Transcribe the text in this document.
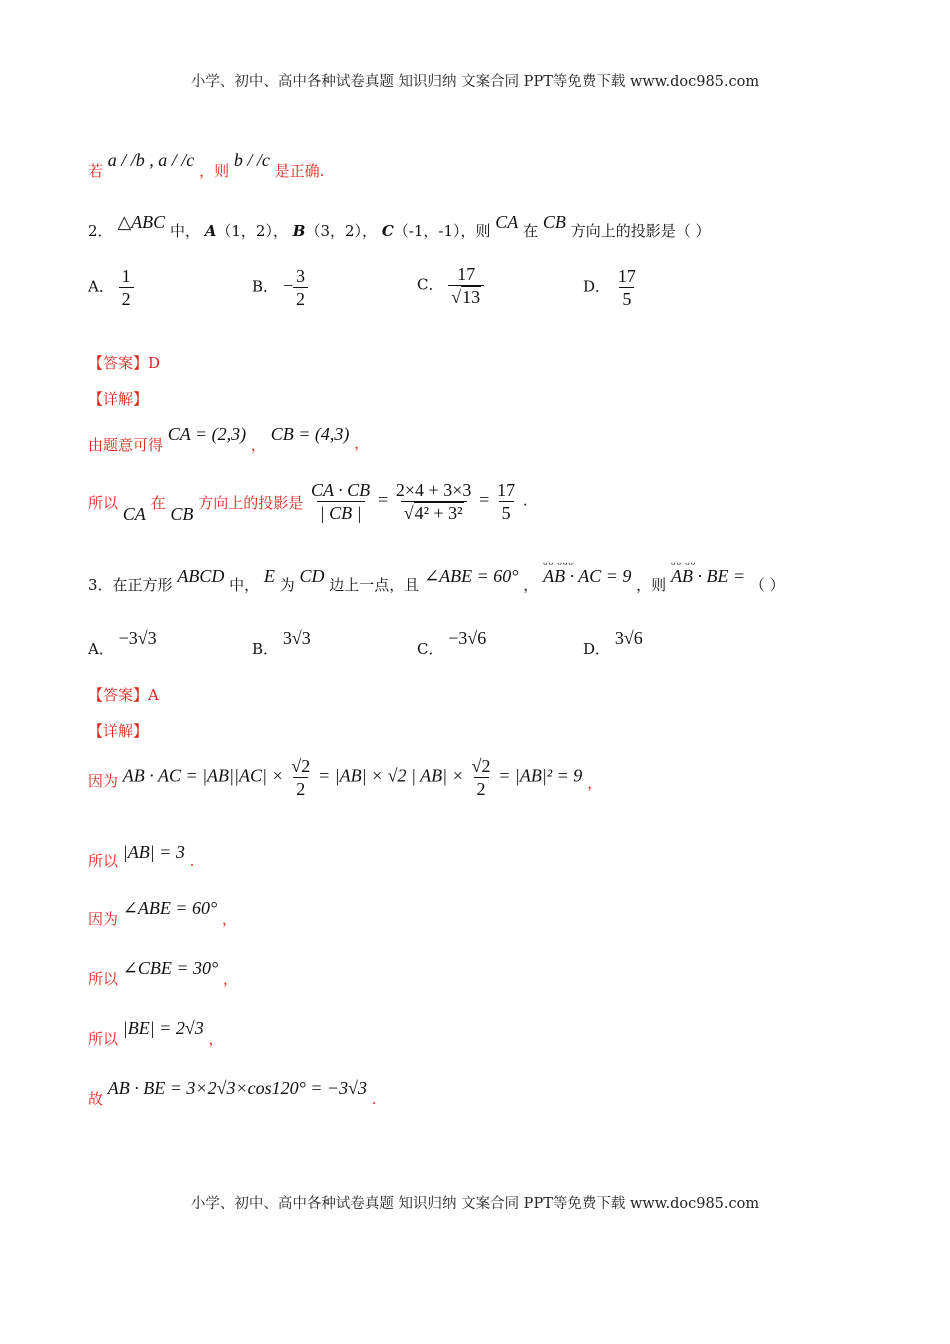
小学、初中、高中各种试卷真题 知识归纳 文案合同 PPT等免费下载 www.doc985.com
若 a / /b , a / /c ，则 b / /c 是正确.
2． △ABC 中， A（1，2）， B（3，2）， C（-1，-1），则 CA 在 CB 方向上的投影是（ ）
A． $\frac{1}{2}$	B． − $\frac{3}{2}$	C． $\frac{17}{√13}$	D． $\frac{17}{5}$
【答案】D
【详解】
由题意可得 CA = (2,3) ， CB = (4,3) ，
所以 CA 在 CB 方向上的投影是 $\frac{CA \cdot CB}{| CB |} = \frac{2\times 4 + 3\times 3}{\text{√4² + 3²}} = \frac{17}{5}$ .
3．在正方形 ABCD 中， E 为 CD 边上一点，且 ∠ABE = 60° ，
ᴗᴗ ᴗᴗᴗ
AB · AC = 9 ，则
ᴗᴗ ᴗᴗ
AB · BE = （ ）
A． −3√3
B． 3√3
C． −3√6
D． 3√6
【答案】A
【详解】
因为 AB · AC = $|AB||AC| \times \frac{√2}{2} = |AB| \times √2$ | $AB| \times \frac{√2}{2} = |AB|^2 = 9$ ，
所以 |AB| = 3 .
因为 ∠ABE = 60° ，
所以 ∠CBE = 30° ，
所以 |BE| = 2√3 ，
故 AB · BE = 3×2√3×cos120° = −3√3 .
小学、初中、高中各种试卷真题 知识归纳 文案合同 PPT等免费下载 www.doc985.com
